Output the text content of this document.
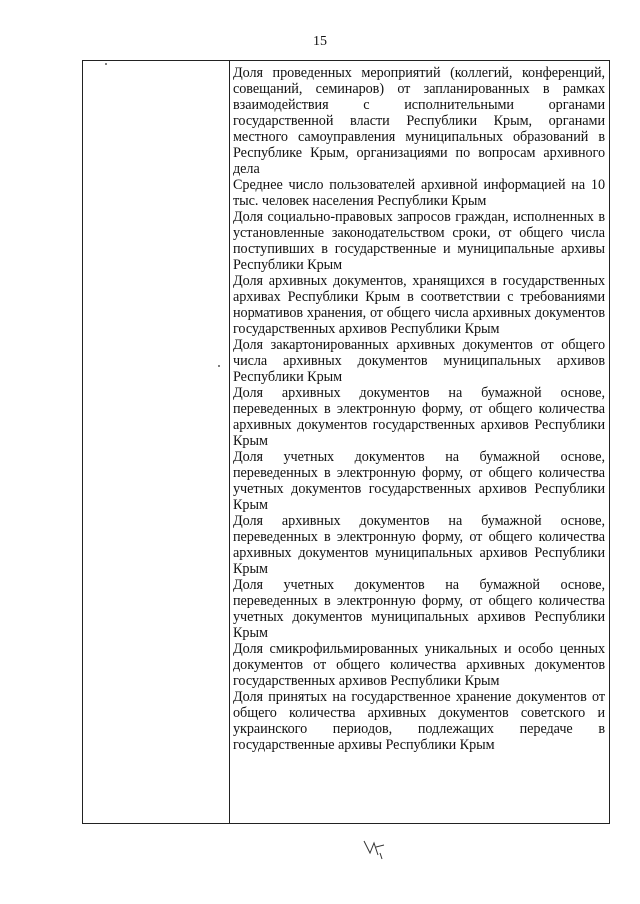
15

Доля проведенных мероприятий (коллегий, конференций, совещаний, семинаров) от запланированных в рамках взаимодействия с исполнительными органами государственной власти Республики Крым, органами местного самоуправления муниципальных образований в Республике Крым, организациями по вопросам архивного дела

Среднее число пользователей архивной информацией на 10 тыс. человек населения Республики Крым

Доля социально-правовых запросов граждан, исполненных в установленные законодательством сроки, от общего числа поступивших в государственные и муниципальные архивы Республики Крым

Доля архивных документов, хранящихся в государственных архивах Республики Крым в соответствии с требованиями нормативов хранения, от общего числа архивных документов государственных архивов Республики Крым

Доля закартонированных архивных документов от общего числа архивных документов муниципальных архивов Республики Крым

Доля архивных документов на бумажной основе, переведенных в электронную форму, от общего количества архивных документов государственных архивов Республики Крым

Доля учетных документов на бумажной основе, переведенных в электронную форму, от общего количества учетных документов государственных архивов Республики Крым

Доля архивных документов на бумажной основе, переведенных в электронную форму, от общего количества архивных документов муниципальных архивов Республики Крым

Доля учетных документов на бумажной основе, переведенных в электронную форму, от общего количества учетных документов муниципальных архивов Республики Крым

Доля смикрофильмированных уникальных и особо ценных документов от общего количества архивных документов государственных архивов Республики Крым

Доля принятых на государственное хранение документов от общего количества архивных документов советского и украинского периодов, подлежащих передаче в государственные архивы Республики Крым
